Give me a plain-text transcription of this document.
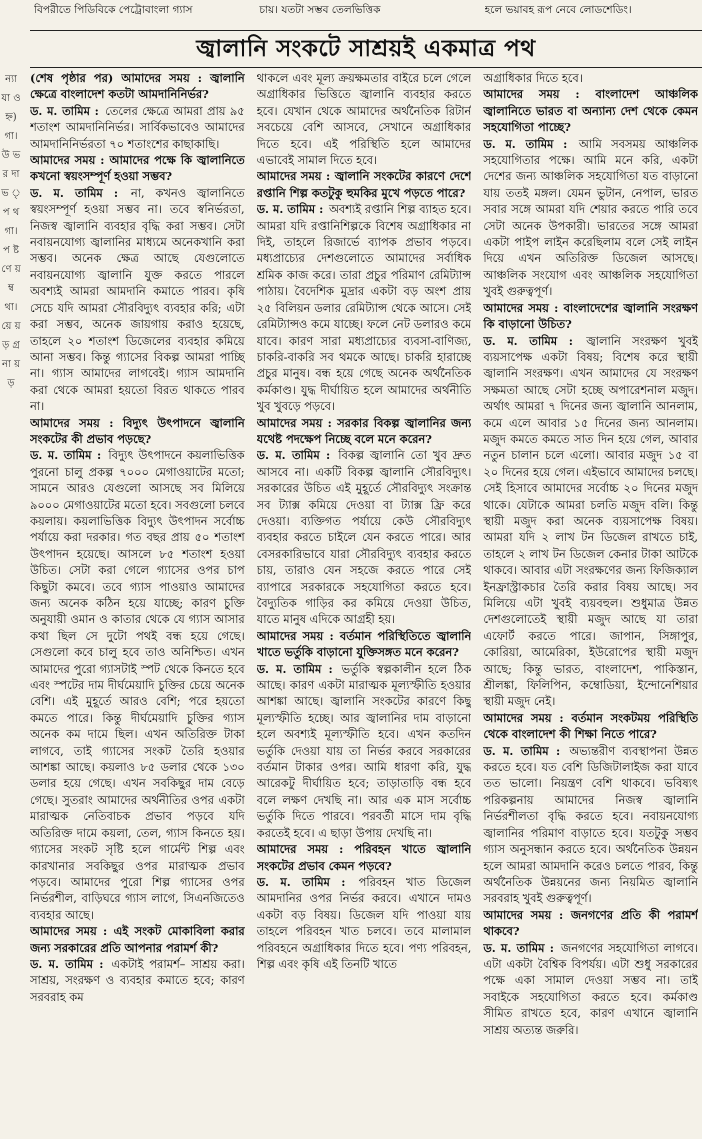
বিপরীতে পিডিবিকে পেট্রোবাংলা গ্যাস	চায়। যতটা সম্ভব তেলভিত্তিক	হলে ভয়াবহ রূপ নেবে লোডশেডিং।
ন্যা যা ও হ্ন) গা। উ ভ র দা ভ ৃ প থ গা। প ষ্ট ণে য় ম্ব থা। য়ে য় ড় গ্র না য় ড়
জ্বালানি সংকটে সাশ্রয়ই একমাত্র পথ

(শেষ পৃষ্ঠার পর) আমাদের সময় : জ্বালানি ক্ষেত্রে বাংলাদেশ কতটা আমদানিনির্ভর?

ড. ম. তামিম : তেলের ক্ষেত্রে আমরা প্রায় ৯৫ শতাংশ আমদানিনির্ভর। সার্বিকভাবেও আমাদের আমদানিনির্ভরতা ৭০ শতাংশের কাছাকাছি।

আমাদের সময় : আমাদের পক্ষে কি জ্বালানিতে কখনো স্বয়ংসম্পূর্ণ হওয়া সম্ভব?

ড. ম. তামিম : না, কখনও জ্বালানিতে স্বয়ংসম্পূর্ণ হওয়া সম্ভব না। তবে স্বনির্ভরতা, নিজস্ব জ্বালানি ব্যবহার বৃদ্ধি করা সম্ভব। সেটা নবায়নযোগ্য জ্বালানির মাধ্যমে অনেকখানি করা সম্ভব। অনেক ক্ষেত্র আছে যেগুলোতে নবায়নযোগ্য জ্বালানি যুক্ত করতে পারলে অবশ্যই আমরা আমদানি কমাতে পারব। কৃষি সেচে যদি আমরা সৌরবিদ্যুৎ ব্যবহার করি; এটা করা সম্ভব, অনেক জায়গায় করাও হয়েছে, তাহলে ২০ শতাংশ ডিজেলের ব্যবহার কমিয়ে আনা সম্ভব। কিন্তু গ্যাসের বিকল্প আমরা পাচ্ছি না। গ্যাস আমাদের লাগবেই। গ্যাস আমদানি করা থেকে আমরা হয়তো বিরত থাকতে পারব না।

আমাদের সময় : বিদ্যুৎ উৎপাদনে জ্বালানি সংকটের কী প্রভাব পড়ছে?

ড. ম. তামিম : বিদ্যুৎ উৎপাদনে কয়লাভিত্তিক পুরনো চালু প্রকল্প ৭০০০ মেগাওয়াটের মতো; সামনে আরও যেগুলো আসছে সব মিলিয়ে ৯০০০ মেগাওয়াটের মতো হবে। সবগুলো চলবে কয়লায়। কয়লাভিত্তিক বিদ্যুৎ উৎপাদন সর্বোচ্চ পর্যায়ে করা দরকার। গত বছর প্রায় ৫০ শতাংশ উৎপাদন হয়েছে। আসলে ৮৫ শতাংশ হওয়া উচিত। সেটা করা গেলে গ্যাসের ওপর চাপ কিছুটা কমবে। তবে গ্যাস পাওয়াও আমাদের জন্য অনেক কঠিন হয়ে যাচ্ছে; কারণ চুক্তি অনুযায়ী ওমান ও কাতার থেকে যে গ্যাস আসার কথা ছিল সে দুটো পথই বন্ধ হয়ে গেছে। সেগুলো কবে চালু হবে তাও অনিশ্চিত। এখন আমাদের পুরো গ্যাসটাই স্পট থেকে কিনতে হবে এবং স্পটের দাম দীর্ঘমেয়াদি চুক্তির চেয়ে অনেক বেশি। এই মুহূর্তে আরও বেশি; পরে হয়তো কমতে পারে। কিন্তু দীর্ঘমেয়াদি চুক্তির গ্যাস অনেক কম দামে ছিল। এখন অতিরিক্ত টাকা লাগবে, তাই গ্যাসের সংকট তৈরি হওয়ার আশঙ্কা আছে। কয়লাও ৮৫ ডলার থেকে ১৩০ ডলার হয়ে গেছে। এখন সবকিছুর দাম বেড়ে গেছে। সুতরাং আমাদের অর্থনীতির ওপর একটা মারাত্মক নেতিবাচক প্রভাব পড়বে যদি অতিরিক্ত দামে কয়লা, তেল, গ্যাস কিনতে হয়। গ্যাসের সংকট সৃষ্টি হলে গার্মেন্ট শিল্প এবং কারখানার সবকিছুর ওপর মারাত্মক প্রভাব পড়বে। আমাদের পুরো শিল্প গ্যাসের ওপর নির্ভরশীল, বাড়িঘরে গ্যাস লাগে, সিএনজিতেও ব্যবহার আছে।

আমাদের সময় : এই সংকট মোকাবিলা করার জন্য সরকারের প্রতি আপনার পরামর্শ কী?

ড. ম. তামিম : একটাই পরামর্শ– সাশ্রয় করা। সাশ্রয়, সংরক্ষণ ও ব্যবহার কমাতে হবে; কারণ সরবরাহ কম

থাকলে এবং মূল্য ক্রয়ক্ষমতার বাইরে চলে গেলে অগ্রাধিকার ভিত্তিতে জ্বালানি ব্যবহার করতে হবে। যেখান থেকে আমাদের অর্থনৈতিক রিটার্ন সবচেয়ে বেশি আসবে, সেখানে অগ্রাধিকার দিতে হবে। এই পরিস্থিতি হলে আমাদের এভাবেই সামাল দিতে হবে।

আমাদের সময় : জ্বালানি সংকটের কারণে দেশে রপ্তানি শিল্প কতটুকু হুমকির মুখে পড়তে পারে?

ড. ম. তামিম : অবশ্যই রপ্তানি শিল্প ব্যাহত হবে। আমরা যদি রপ্তানিশিল্পকে বিশেষ অগ্রাধিকার না দিই, তাহলে রিজার্ভে ব্যাপক প্রভাব পড়বে। মধ্যপ্রাচ্যের দেশগুলোতে আমাদের সর্বাধিক শ্রমিক কাজ করে। তারা প্রচুর পরিমাণ রেমিট্যান্স পাঠায়। বৈদেশিক মুদ্রার একটা বড় অংশ প্রায় ২৫ বিলিয়ন ডলার রেমিট্যান্স থেকে আসে। সেই রেমিট্যান্সও কমে যাচ্ছে। ফলে নেট ডলারও কমে যাবে। কারণ সারা মধ্যপ্রাচ্যের ব্যবসা-বাণিজ্য, চাকরি-বাকরি সব থমকে আছে। চাকরি হারাচ্ছে প্রচুর মানুষ। বন্ধ হয়ে গেছে অনেক অর্থনৈতিক কর্মকাণ্ড। যুদ্ধ দীর্ঘায়িত হলে আমাদের অর্থনীতি খুব খুবড়ে পড়বে।

আমাদের সময় : সরকার বিকল্প জ্বালানির জন্য যথেষ্ট পদক্ষেপ নিচ্ছে বলে মনে করেন?

ড. ম. তামিম : বিকল্প জ্বালানি তো খুব দ্রুত আসবে না। একটি বিকল্প জ্বালানি সৌরবিদ্যুৎ। সরকারের উচিত এই মুহূর্তে সৌরবিদ্যুৎ সংক্রান্ত সব ট্যাক্স কমিয়ে দেওয়া বা ট্যাক্স ফ্রি করে দেওয়া। ব্যক্তিগত পর্যায়ে কেউ সৌরবিদ্যুৎ ব্যবহার করতে চাইলে যেন করতে পারে। আর বেসরকারিভাবে যারা সৌরবিদ্যুৎ ব্যবহার করতে চায়, তারাও যেন সহজে করতে পারে সেই ব্যাপারে সরকারকে সহযোগিতা করতে হবে। বৈদ্যুতিক গাড়ির কর কমিয়ে দেওয়া উচিত, যাতে মানুষ এদিকে আগ্রহী হয়।

আমাদের সময় : বর্তমান পরিস্থিতিতে জ্বালানি খাতে ভর্তুকি বাড়ানো যুক্তিসঙ্গত মনে করেন?

ড. ম. তামিম : ভর্তুকি স্বল্পকালীন হলে ঠিক আছে। কারণ একটা মারাত্মক মূল্যস্ফীতি হওয়ার আশঙ্কা আছে। জ্বালানি সংকটের কারণে কিছু মূল্যস্ফীতি হচ্ছে। আর জ্বালানির দাম বাড়ানো হলে অবশ্যই মূল্যস্ফীতি হবে। এখন কতদিন ভর্তুকি দেওয়া যায় তা নির্ভর করবে সরকারের বর্তমান টাকার ওপর। আমি ধারণা করি, যুদ্ধ আরেকটু দীর্ঘায়িত হবে; তাড়াতাড়ি বন্ধ হবে বলে লক্ষণ দেখছি না। আর এক মাস সর্বোচ্চ ভর্তুকি দিতে পারবে। পরবর্তী মাসে দাম বৃদ্ধি করতেই হবে। এ ছাড়া উপায় দেখছি না।

আমাদের সময় : পরিবহন খাতে জ্বালানি সংকটের প্রভাব কেমন পড়বে?

ড. ম. তামিম : পরিবহন খাত ডিজেল আমদানির ওপর নির্ভর করবে। এখানে দামও একটা বড় বিষয়। ডিজেল যদি পাওয়া যায় তাহলে পরিবহন খাত চলবে। তবে মালামাল পরিবহনে অগ্রাধিকার দিতে হবে। পণ্য পরিবহন, শিল্প এবং কৃষি এই তিনটি খাতে

অগ্রাধিকার দিতে হবে।

আমাদের সময় : বাংলাদেশ আঞ্চলিক জ্বালানিতে ভারত বা অন্যান্য দেশ থেকে কেমন সহযোগিতা পাচ্ছে?

ড. ম. তামিম : আমি সবসময় আঞ্চলিক সহযোগিতার পক্ষে। আমি মনে করি, একটা দেশের জন্য আঞ্চলিক সহযোগিতা যত বাড়ানো যায় ততই মঙ্গল। যেমন ভুটান, নেপাল, ভারত সবার সঙ্গে আমরা যদি শেয়ার করতে পারি তবে সেটা অনেক উপকারী। ভারতের সঙ্গে আমরা একটা পাইপ লাইন করেছিলাম বলে সেই লাইন দিয়ে এখন অতিরিক্ত ডিজেল আসছে। আঞ্চলিক সংযোগ এবং আঞ্চলিক সহযোগিতা খুবই গুরুত্বপূর্ণ।

আমাদের সময় : বাংলাদেশের জ্বালানি সংরক্ষণ কি বাড়ানো উচিত?

ড. ম. তামিম : জ্বালানি সংরক্ষণ খুবই ব্যয়সাপেক্ষ একটা বিষয়; বিশেষ করে স্থায়ী জ্বালানি সংরক্ষণ। এখন আমাদের যে সংরক্ষণ সক্ষমতা আছে সেটা হচ্ছে অপারেশনাল মজুদ। অর্থাৎ আমরা ৭ দিনের জন্য জ্বালানি আনলাম, কমে এলে আবার ১৫ দিনের জন্য আনলাম। মজুদ কমতে কমতে সাত দিন হয়ে গেল, আবার নতুন চালান চলে এলো। আবার মজুদ ১৫ বা ২০ দিনের হয়ে গেল। এইভাবে আমাদের চলছে। সেই হিসাবে আমাদের সর্বোচ্চ ২০ দিনের মজুদ থাকে। যেটাকে আমরা চলতি মজুদ বলি। কিন্তু স্থায়ী মজুদ করা অনেক ব্যয়সাপেক্ষ বিষয়। আমরা যদি ২ লাখ টন ডিজেল রাখতে চাই, তাহলে ২ লাখ টন ডিজেল কেনার টাকা আটকে থাকবে। আবার এটা সংরক্ষণের জন্য ফিজিক্যাল ইনফ্রাস্ট্রাকচার তৈরি করার বিষয় আছে। সব মিলিয়ে এটা খুবই ব্যয়বহুল। শুধুমাত্র উন্নত দেশগুলোতেই স্থায়ী মজুদ আছে যা তারা এফোর্ট করতে পারে। জাপান, সিঙ্গাপুর, কোরিয়া, আমেরিকা, ইউরোপের স্থায়ী মজুদ আছে; কিন্তু ভারত, বাংলাদেশ, পাকিস্তান, শ্রীলঙ্কা, ফিলিপিন, কম্বোডিয়া, ইন্দোনেশিয়ার স্থায়ী মজুদ নেই।

আমাদের সময় : বর্তমান সংকটময় পরিস্থিতি থেকে বাংলাদেশ কী শিক্ষা নিতে পারে?

ড. ম. তামিম : অভ্যন্তরীণ ব্যবস্থাপনা উন্নত করতে হবে। যত বেশি ডিজিটালাইজ করা যাবে তত ভালো। নিয়ন্ত্রণ বেশি থাকবে। ভবিষ্যৎ পরিকল্পনায় আমাদের নিজস্ব জ্বালানি নির্ভরশীলতা বৃদ্ধি করতে হবে। নবায়নযোগ্য জ্বালানির পরিমাণ বাড়াতে হবে। যতটুকু সম্ভব গ্যাস অনুসন্ধান করতে হবে। অর্থনৈতিক উন্নয়ন হলে আমরা আমদানি করেও চলতে পারব, কিন্তু অর্থনৈতিক উন্নয়নের জন্য নিয়মিত জ্বালানি সরবরাহ খুবই গুরুত্বপূর্ণ।

আমাদের সময় : জনগণের প্রতি কী পরামর্শ থাকবে?

ড. ম. তামিম : জনগণের সহযোগিতা লাগবে। এটা একটা বৈশ্বিক বিপর্যয়। এটা শুধু সরকারের পক্ষে একা সামাল দেওয়া সম্ভব না। তাই সবাইকে সহযোগিতা করতে হবে। কর্মকাণ্ড সীমিত রাখতে হবে, কারণ এখানে জ্বালানি সাশ্রয় অত্যন্ত জরুরি।
